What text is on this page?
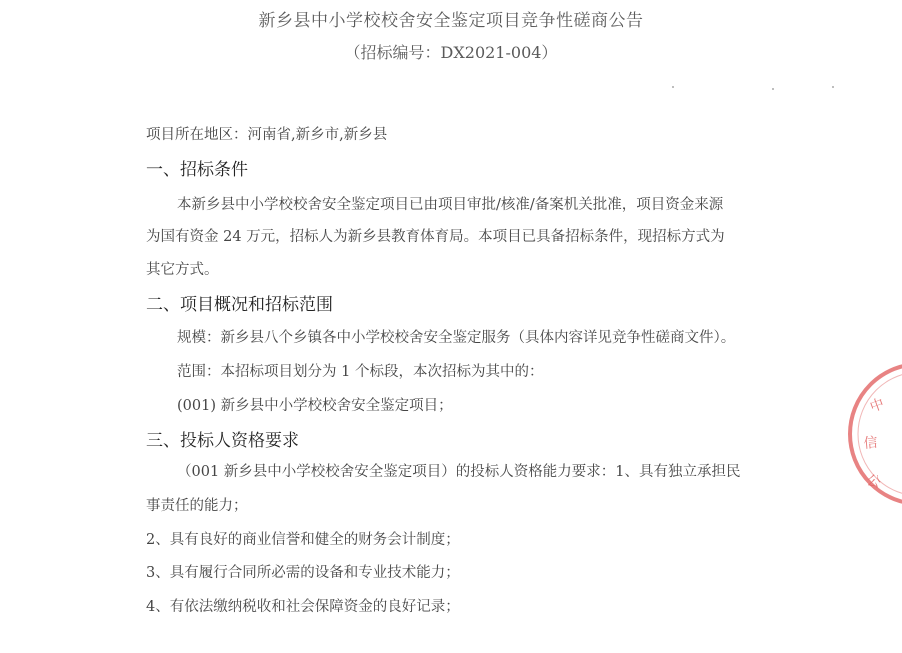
新乡县中小学校校舍安全鉴定项目竞争性磋商公告
（招标编号：DX2021-004）
项目所在地区：河南省,新乡市,新乡县
一、招标条件
本新乡县中小学校校舍安全鉴定项目已由项目审批/核准/备案机关批准，项目资金来源
为国有资金 24 万元，招标人为新乡县教育体育局。本项目已具备招标条件，现招标方式为
其它方式。
二、项目概况和招标范围
规模：新乡县八个乡镇各中小学校校舍安全鉴定服务（具体内容详见竞争性磋商文件）。
范围：本招标项目划分为 1 个标段，本次招标为其中的：
(001) 新乡县中小学校校舍安全鉴定项目；
三、投标人资格要求
（001 新乡县中小学校校舍安全鉴定项目）的投标人资格能力要求：1、具有独立承担民
事责任的能力；
2、具有良好的商业信誉和健全的财务会计制度；
3、具有履行合同所必需的设备和专业技术能力；
4、有依法缴纳税收和社会保障资金的良好记录；
中
信
公
